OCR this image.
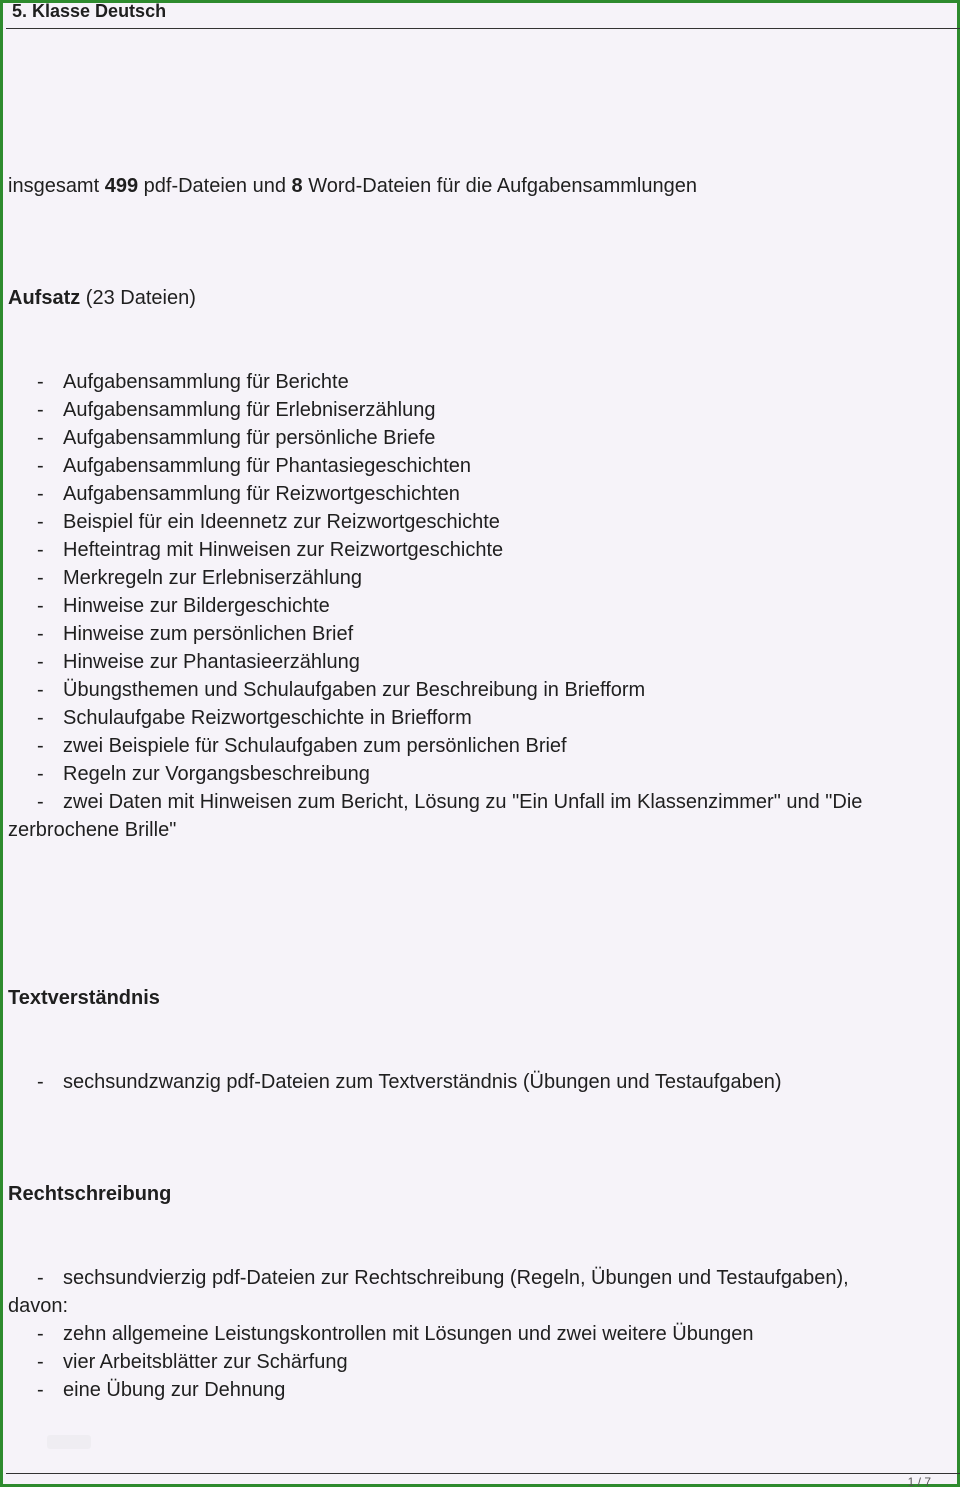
5. Klasse Deutsch
insgesamt 499 pdf-Dateien und 8 Word-Dateien für die Aufgabensammlungen
Aufsatz (23 Dateien)
- Aufgabensammlung für Berichte
- Aufgabensammlung für Erlebniserzählung
- Aufgabensammlung für persönliche Briefe
- Aufgabensammlung für Phantasiegeschichten
- Aufgabensammlung für Reizwortgeschichten
- Beispiel für ein Ideennetz zur Reizwortgeschichte
- Hefteintrag mit Hinweisen zur Reizwortgeschichte
- Merkregeln zur Erlebniserzählung
- Hinweise zur Bildergeschichte
- Hinweise zum persönlichen Brief
- Hinweise zur Phantasieerzählung
- Übungsthemen und Schulaufgaben zur Beschreibung in Briefform
- Schulaufgabe Reizwortgeschichte in Briefform
- zwei Beispiele für Schulaufgaben zum persönlichen Brief
- Regeln zur Vorgangsbeschreibung
- zwei Daten mit Hinweisen zum Bericht, Lösung zu "Ein Unfall im Klassenzimmer" und "Die
zerbrochene Brille"
Textverständnis
- sechsundzwanzig pdf-Dateien zum Textverständnis (Übungen und Testaufgaben)
Rechtschreibung
- sechsundvierzig pdf-Dateien zur Rechtschreibung (Regeln, Übungen und Testaufgaben),
davon:
- zehn allgemeine Leistungskontrollen mit Lösungen und zwei weitere Übungen
- vier Arbeitsblätter zur Schärfung
- eine Übung zur Dehnung
1 / 7
